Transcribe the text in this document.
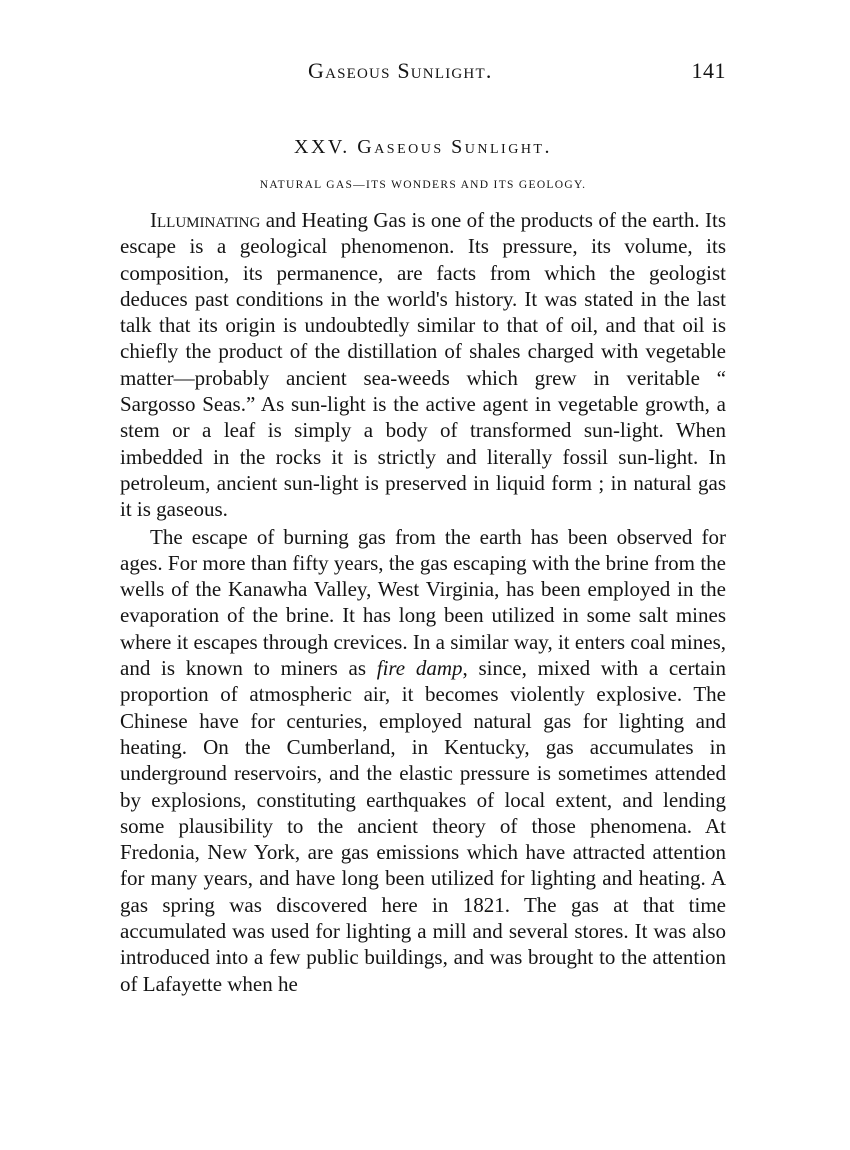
Gaseous Sunlight.	141
XXV. Gaseous Sunlight.
NATURAL GAS—ITS WONDERS AND ITS GEOLOGY.

Illuminating and Heating Gas is one of the products of the earth. Its escape is a geological phenomenon. Its pressure, its volume, its composition, its permanence, are facts from which the geologist deduces past conditions in the world's history. It was stated in the last talk that its origin is undoubtedly similar to that of oil, and that oil is chiefly the product of the distillation of shales charged with vegetable matter—probably ancient sea-weeds which grew in veritable “ Sargosso Seas.” As sun-light is the active agent in vegetable growth, a stem or a leaf is simply a body of transformed sun-light. When imbedded in the rocks it is strictly and literally fossil sun-light. In petroleum, ancient sun-light is preserved in liquid form ; in natural gas it is gaseous.

The escape of burning gas from the earth has been observed for ages. For more than fifty years, the gas escaping with the brine from the wells of the Kanawha Valley, West Virginia, has been employed in the evaporation of the brine. It has long been utilized in some salt mines where it escapes through crevices. In a similar way, it enters coal mines, and is known to miners as fire damp, since, mixed with a certain proportion of atmospheric air, it becomes violently explosive. The Chinese have for centuries, employed natural gas for lighting and heating. On the Cumberland, in Kentucky, gas accumulates in underground reservoirs, and the elastic pressure is sometimes attended by explosions, constituting earthquakes of local extent, and lending some plausibility to the ancient theory of those phenomena. At Fredonia, New York, are gas emissions which have attracted attention for many years, and have long been utilized for lighting and heating. A gas spring was discovered here in 1821. The gas at that time accumulated was used for lighting a mill and several stores. It was also introduced into a few public buildings, and was brought to the attention of Lafayette when he
